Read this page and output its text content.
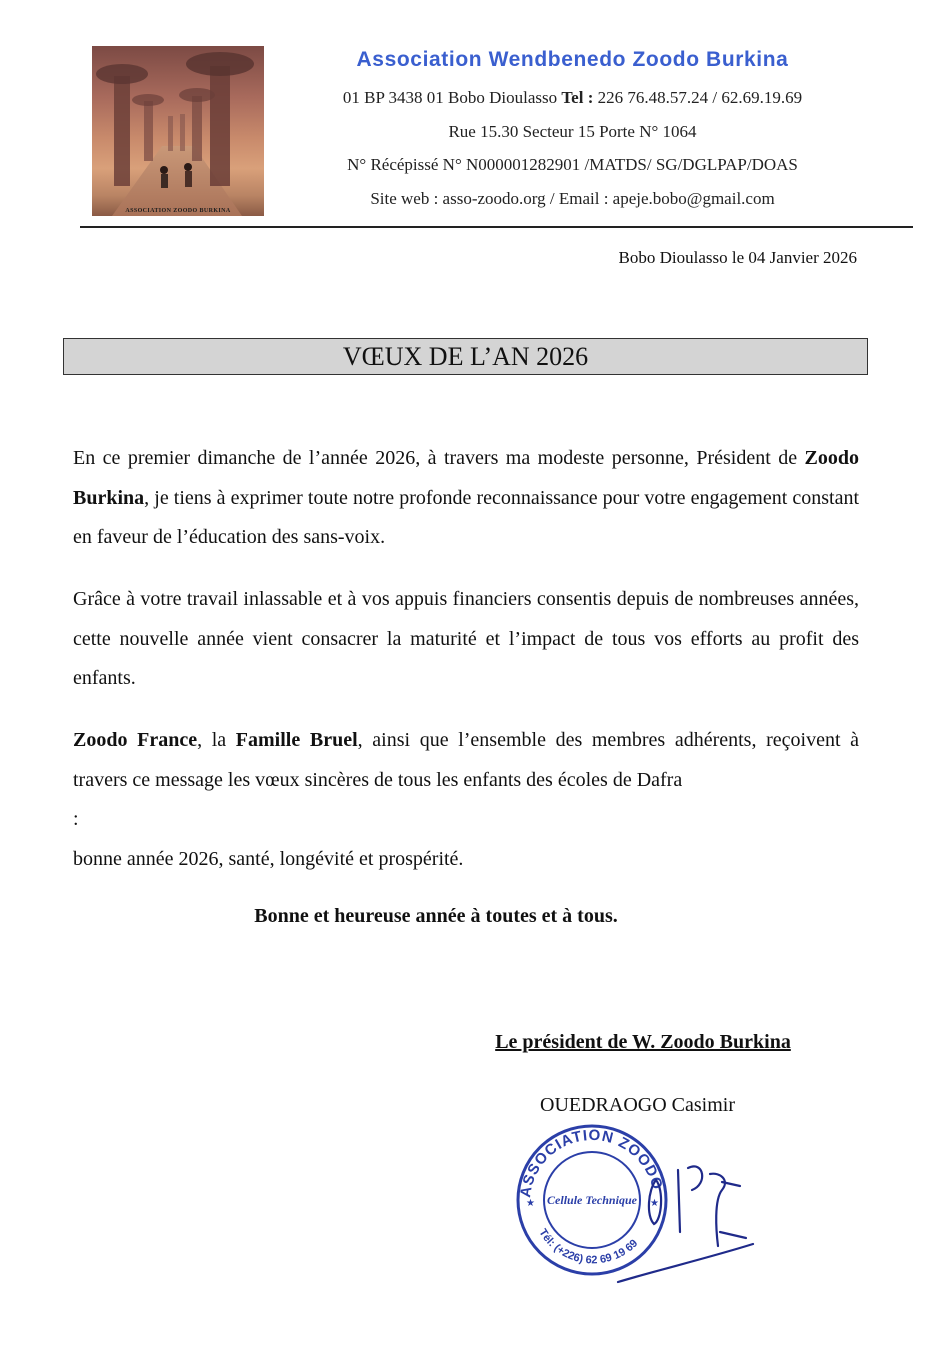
ASSOCIATION ZOODO BURKINA
Association Wendbenedo Zoodo Burkina
01 BP 3438 01 Bobo Dioulasso Tel : 226 76.48.57.24 / 62.69.19.69
Rue 15.30 Secteur 15 Porte N° 1064
N° Récépissé N° N000001282901 /MATDS/ SG/DGLPAP/DOAS
Site web : asso-zoodo.org / Email : apeje.bobo@gmail.com
Bobo Dioulasso le 04 Janvier 2026
VŒUX DE L’AN 2026
En ce premier dimanche de l’année 2026, à travers ma modeste personne, Président de Zoodo Burkina, je tiens à exprimer toute notre profonde reconnaissance pour votre engagement constant en faveur de l’éducation des sans-voix.
Grâce à votre travail inlassable et à vos appuis financiers consentis depuis de nombreuses années, cette nouvelle année vient consacrer la maturité et l’impact de tous vos efforts au profit des enfants.
Zoodo France, la Famille Bruel, ainsi que l’ensemble des membres adhérents, reçoivent à travers ce message les vœux sincères de tous les enfants des écoles de Dafra
:
bonne année 2026, santé, longévité et prospérité.
Bonne et heureuse année à toutes et à tous.
Le président de W. Zoodo Burkina
OUEDRAOGO Casimir
ASSOCIATION ZOODO
Tél: (+226) 62 69 19 69
Cellule Technique
★	★
